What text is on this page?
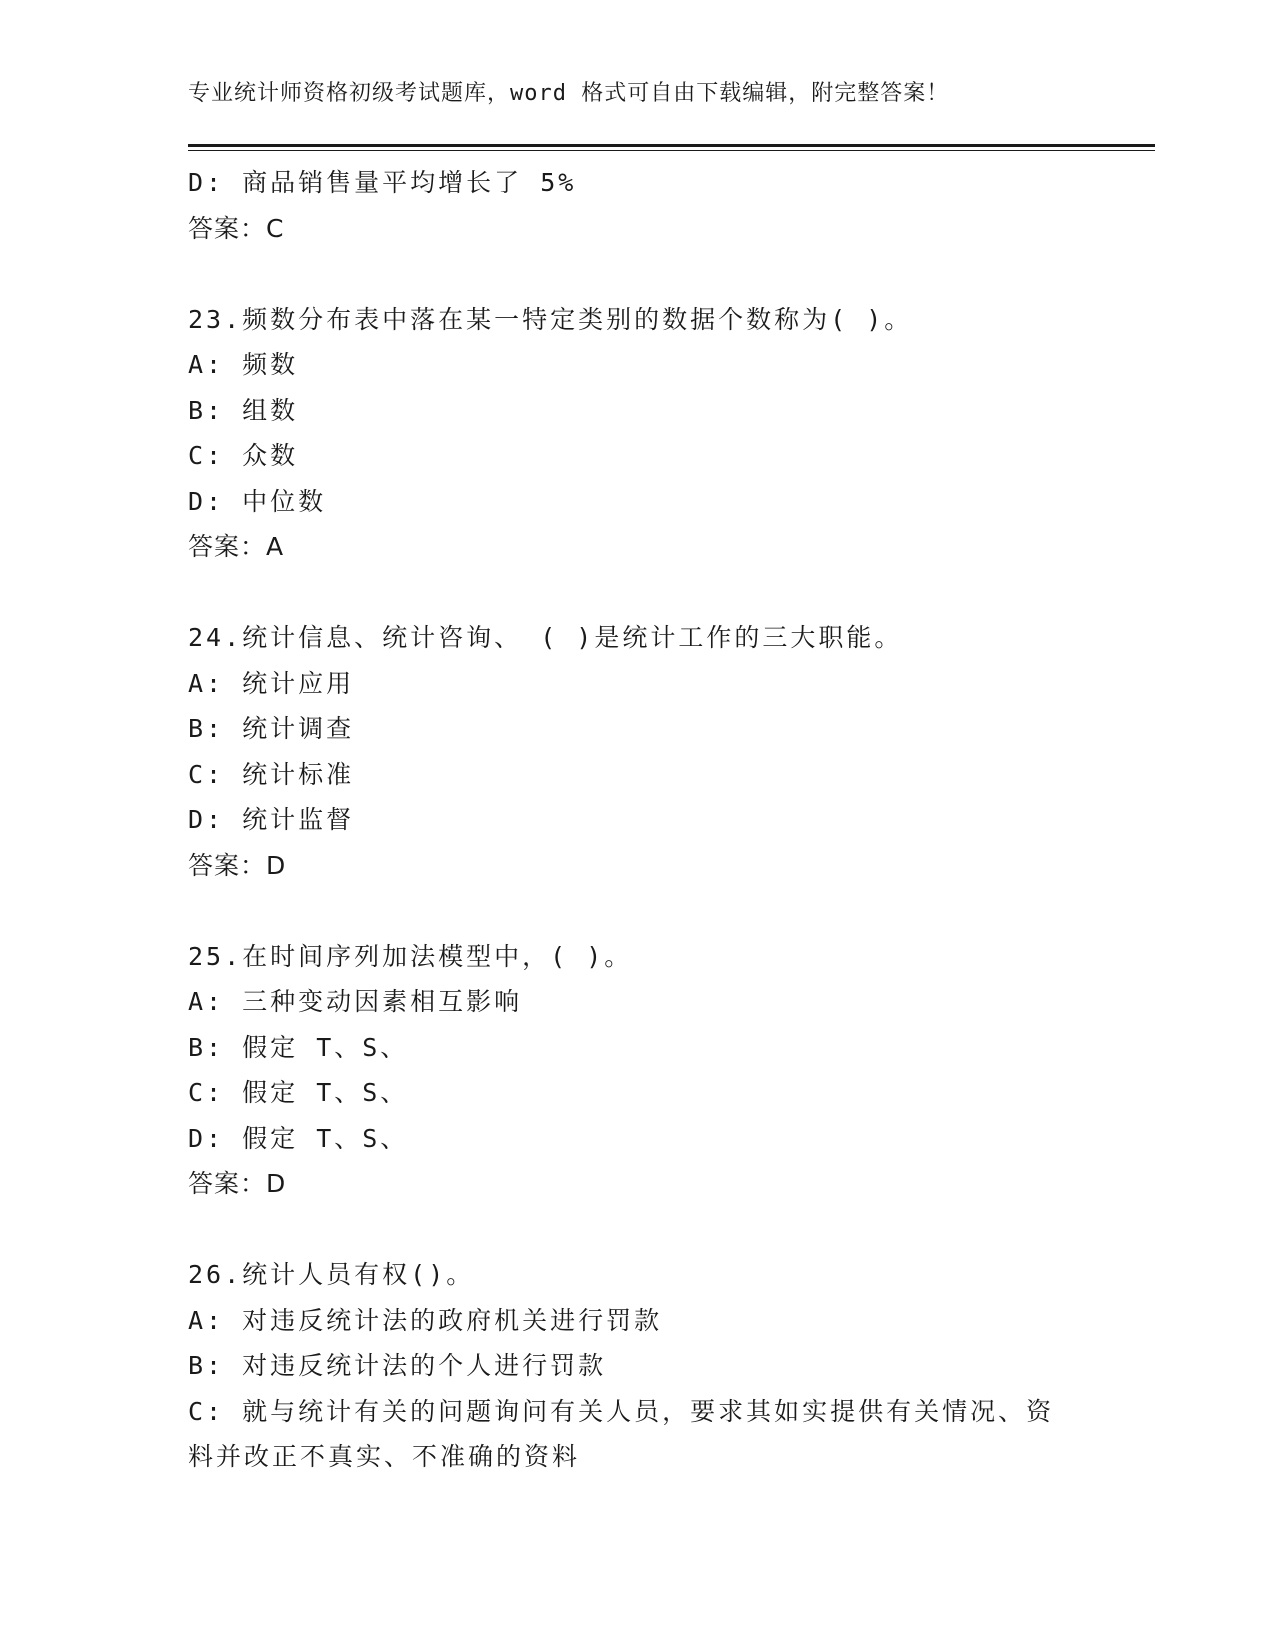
专业统计师资格初级考试题库，word 格式可自由下载编辑，附完整答案！
D: 商品销售量平均增长了 5%
答案：C
23.频数分布表中落在某一特定类别的数据个数称为( )。
A: 频数
B: 组数
C: 众数
D: 中位数
答案：A
24.统计信息、统计咨询、 ( )是统计工作的三大职能。
A: 统计应用
B: 统计调查
C: 统计标准
D: 统计监督
答案：D
25.在时间序列加法模型中，( )。
A: 三种变动因素相互影响
B: 假定 T、S、
C: 假定 T、S、
D: 假定 T、S、
答案：D
26.统计人员有权()。
A: 对违反统计法的政府机关进行罚款
B: 对违反统计法的个人进行罚款
C: 就与统计有关的问题询问有关人员，要求其如实提供有关情况、资
料并改正不真实、不准确的资料
